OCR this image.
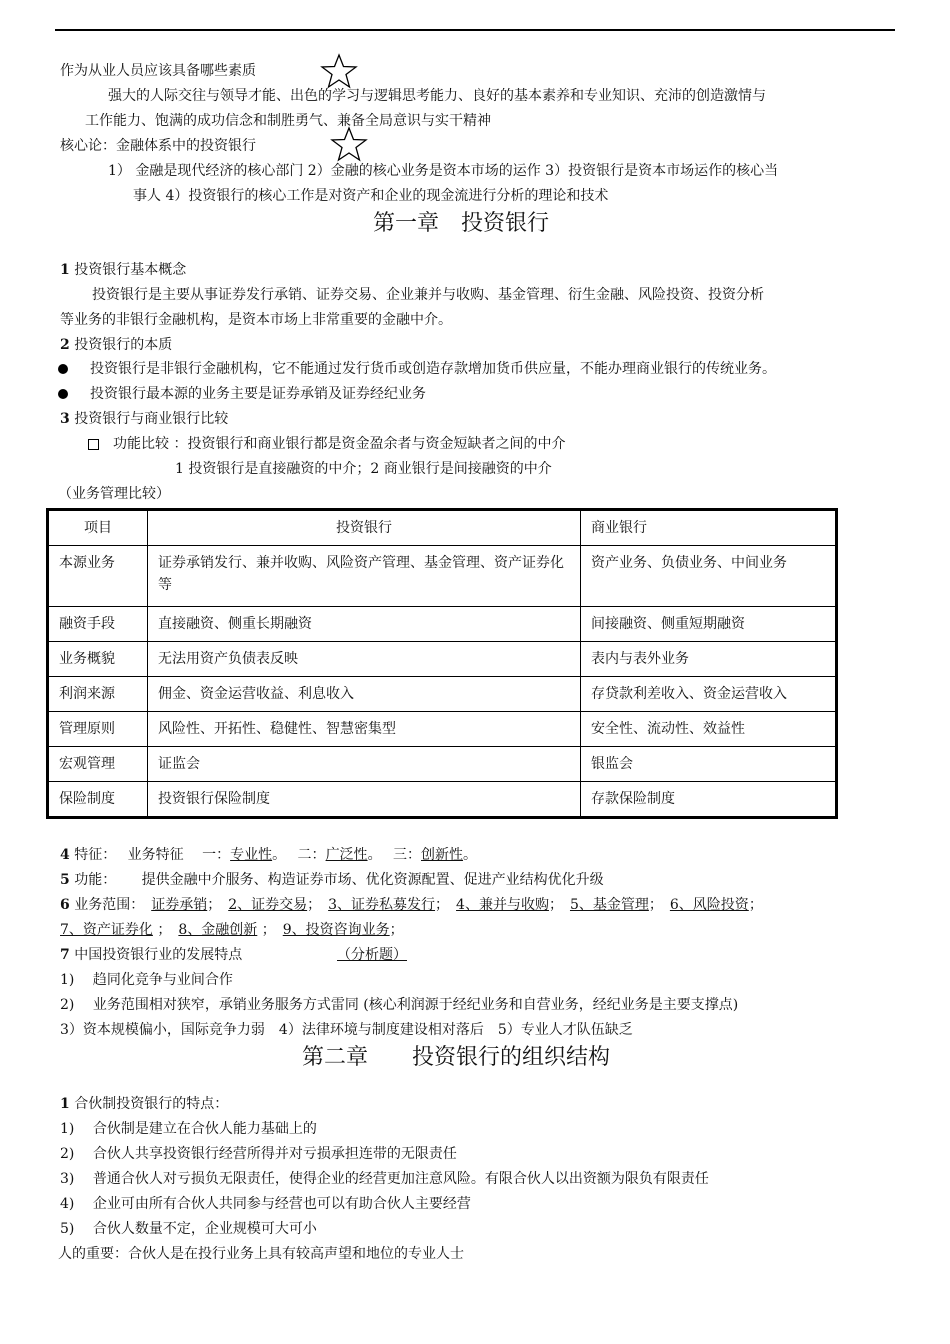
作为从业人员应该具备哪些素质
强大的人际交往与领导才能、出色的学习与逻辑思考能力、良好的基本素养和专业知识、充沛的创造激情与
工作能力、饱满的成功信念和制胜勇气、兼备全局意识与实干精神
核心论：金融体系中的投资银行
1） 金融是现代经济的核心部门 2）金融的核心业务是资本市场的运作 3）投资银行是资本市场运作的核心当
事人 4）投资银行的核心工作是对资产和企业的现金流进行分析的理论和技术
第一章　投资银行
1 投资银行基本概念
投资银行是主要从事证券发行承销、证券交易、企业兼并与收购、基金管理、衍生金融、风险投资、投资分析
等业务的非银行金融机构，是资本市场上非常重要的金融中介。
2 投资银行的本质
投资银行是非银行金融机构，它不能通过发行货币或创造存款增加货币供应量，不能办理商业银行的传统业务。
投资银行最本源的业务主要是证券承销及证券经纪业务
3 投资银行与商业银行比较
功能比较 ：投资银行和商业银行都是资金盈余者与资金短缺者之间的中介
1 投资银行是直接融资的中介；2 商业银行是间接融资的中介
（业务管理比较）
项目	投资银行	商业银行
本源业务	证券承销发行、兼并收购、风险资产管理、基金管理、资产证券化等	资产业务、负债业务、中间业务
融资手段	直接融资、侧重长期融资	间接融资、侧重短期融资
业务概貌	无法用资产负债表反映	表内与表外业务
利润来源	佣金、资金运营收益、利息收入	存贷款利差收入、资金运营收入
管理原则	风险性、开拓性、稳健性、智慧密集型	安全性、流动性、效益性
宏观管理	证监会	银监会
保险制度	投资银行保险制度	存款保险制度
4 特征：　 业务特征　 一：专业性。　 二：广泛性。　 三：创新性。
5 功能：　　 提供金融中介服务、构造证券市场、优化资源配置、促进产业结构优化升级
6 业务范围：　证券承销；　2、证券交易；　3、证券私募发行；　4、兼并与收购；　5、基金管理；　6、风险投资；
7、资产证券化 ；　8、金融创新 ；　9、投资咨询业务；
7 中国投资银行业的发展特点	（分析题）
1)　 趋同化竞争与业间合作
2)　 业务范围相对狭窄，承销业务服务方式雷同 (核心利润源于经纪业务和自营业务，经纪业务是主要支撑点)
3）资本规模偏小，国际竞争力弱　4）法律环境与制度建设相对落后　5）专业人才队伍缺乏
第二章　　投资银行的组织结构
1 合伙制投资银行的特点：
1)　 合伙制是建立在合伙人能力基础上的
2)　 合伙人共享投资银行经营所得并对亏损承担连带的无限责任
3)　 普通合伙人对亏损负无限责任，使得企业的经营更加注意风险。有限合伙人以出资额为限负有限责任
4)　 企业可由所有合伙人共同参与经营也可以有助合伙人主要经营
5)　 合伙人数量不定，企业规模可大可小
人的重要：合伙人是在投行业务上具有较高声望和地位的专业人士
